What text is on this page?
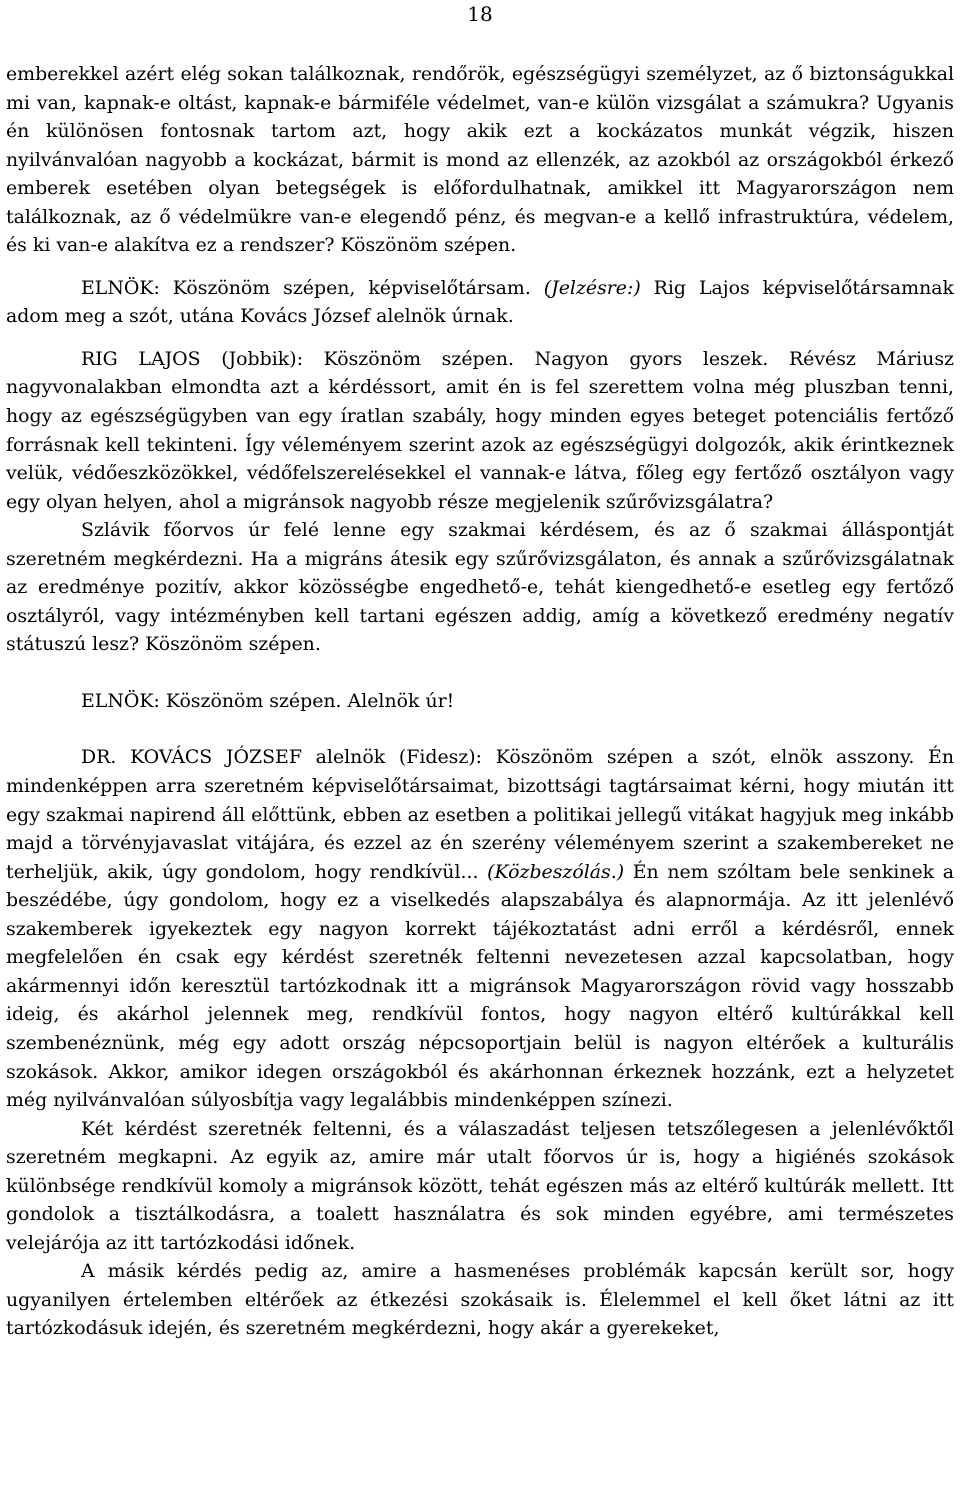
18

emberekkel azért elég sokan találkoznak, rendőrök, egészségügyi személyzet, az ő biztonságukkal mi van, kapnak-e oltást, kapnak-e bármiféle védelmet, van-e külön vizsgálat a számukra? Ugyanis én különösen fontosnak tartom azt, hogy akik ezt a kockázatos munkát végzik, hiszen nyilvánvalóan nagyobb a kockázat, bármit is mond az ellenzék, az azokból az országokból érkező emberek esetében olyan betegségek is előfordulhatnak, amikkel itt Magyarországon nem találkoznak, az ő védelmükre van-e elegendő pénz, és megvan-e a kellő infrastruktúra, védelem, és ki van-e alakítva ez a rendszer? Köszönöm szépen.

ELNÖK: Köszönöm szépen, képviselőtársam. (Jelzésre:) Rig Lajos képviselőtársamnak adom meg a szót, utána Kovács József alelnök úrnak.

RIG LAJOS (Jobbik): Köszönöm szépen. Nagyon gyors leszek. Révész Máriusz nagyvonalakban elmondta azt a kérdéssort, amit én is fel szerettem volna még pluszban tenni, hogy az egészségügyben van egy íratlan szabály, hogy minden egyes beteget potenciális fertőző forrásnak kell tekinteni. Így véleményem szerint azok az egészségügyi dolgozók, akik érintkeznek velük, védőeszközökkel, védőfelszerelésekkel el vannak-e látva, főleg egy fertőző osztályon vagy egy olyan helyen, ahol a migránsok nagyobb része megjelenik szűrővizsgálatra?

Szlávik főorvos úr felé lenne egy szakmai kérdésem, és az ő szakmai álláspontját szeretném megkérdezni. Ha a migráns átesik egy szűrővizsgálaton, és annak a szűrővizsgálatnak az eredménye pozitív, akkor közösségbe engedhető-e, tehát kiengedhető-e esetleg egy fertőző osztályról, vagy intézményben kell tartani egészen addig, amíg a következő eredmény negatív státuszú lesz? Köszönöm szépen.

ELNÖK: Köszönöm szépen. Alelnök úr!

DR. KOVÁCS JÓZSEF alelnök (Fidesz): Köszönöm szépen a szót, elnök asszony. Én mindenképpen arra szeretném képviselőtársaimat, bizottsági tagtársaimat kérni, hogy miután itt egy szakmai napirend áll előttünk, ebben az esetben a politikai jellegű vitákat hagyjuk meg inkább majd a törvényjavaslat vitájára, és ezzel az én szerény véleményem szerint a szakembereket ne terheljük, akik, úgy gondolom, hogy rendkívül... (Közbeszólás.) Én nem szóltam bele senkinek a beszédébe, úgy gondolom, hogy ez a viselkedés alapszabálya és alapnormája. Az itt jelenlévő szakemberek igyekeztek egy nagyon korrekt tájékoztatást adni erről a kérdésről, ennek megfelelően én csak egy kérdést szeretnék feltenni nevezetesen azzal kapcsolatban, hogy akármennyi időn keresztül tartózkodnak itt a migránsok Magyarországon rövid vagy hosszabb ideig, és akárhol jelennek meg, rendkívül fontos, hogy nagyon eltérő kultúrákkal kell szembenéznünk, még egy adott ország népcsoportjain belül is nagyon eltérőek a kulturális szokások. Akkor, amikor idegen országokból és akárhonnan érkeznek hozzánk, ezt a helyzetet még nyilvánvalóan súlyosbítja vagy legalábbis mindenképpen színezi.

Két kérdést szeretnék feltenni, és a válaszadást teljesen tetszőlegesen a jelenlévőktől szeretném megkapni. Az egyik az, amire már utalt főorvos úr is, hogy a higiénés szokások különbsége rendkívül komoly a migránsok között, tehát egészen más az eltérő kultúrák mellett. Itt gondolok a tisztálkodásra, a toalett használatra és sok minden egyébre, ami természetes velejárója az itt tartózkodási időnek.

A másik kérdés pedig az, amire a hasmenéses problémák kapcsán került sor, hogy ugyanilyen értelemben eltérőek az étkezési szokásaik is. Élelemmel el kell őket látni az itt tartózkodásuk idején, és szeretném megkérdezni, hogy akár a gyerekeket,
